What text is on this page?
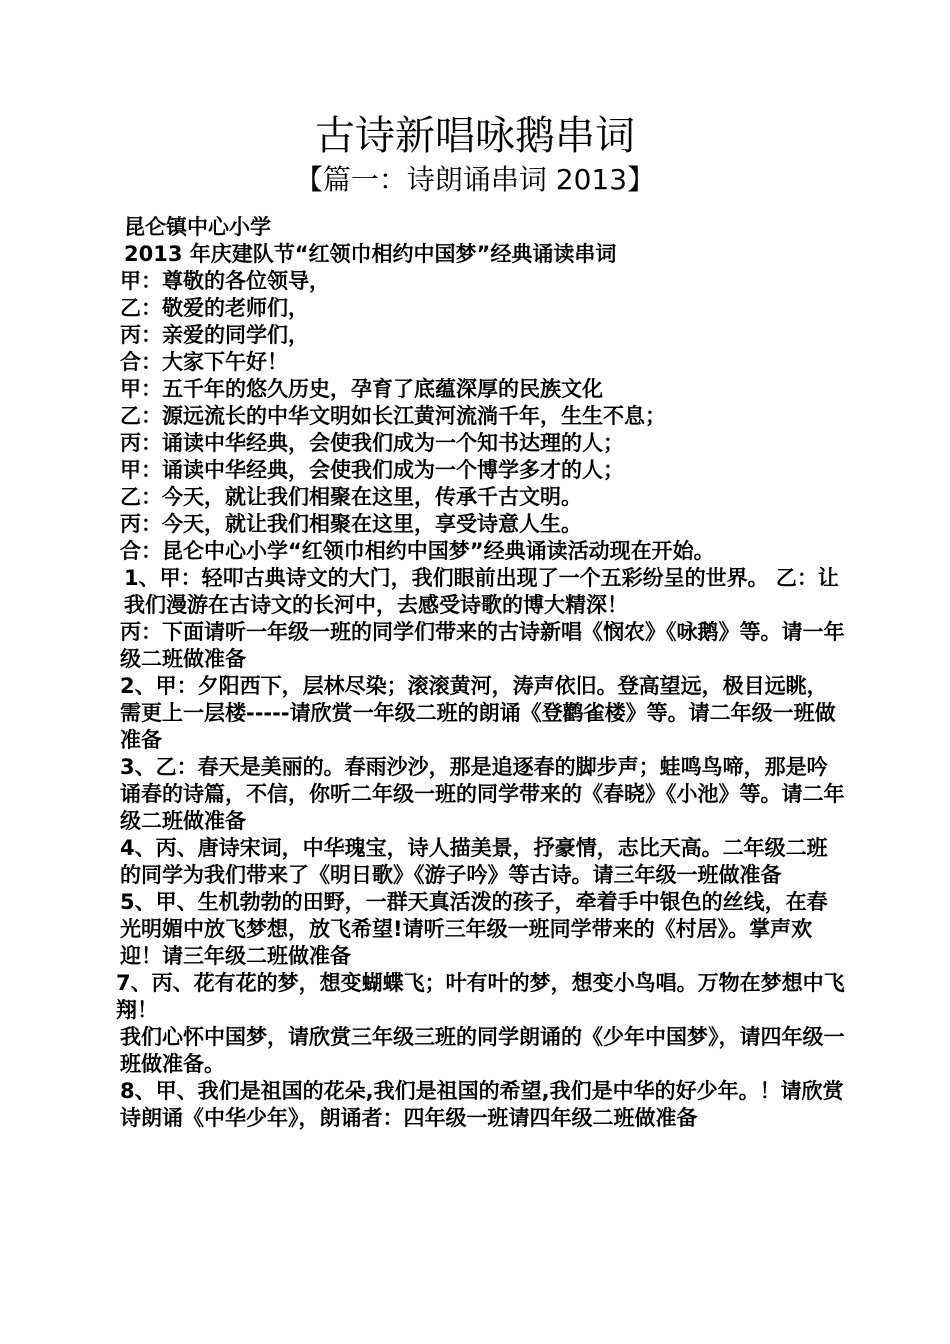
古诗新唱咏鹅串词
【篇一：诗朗诵串词 2013】
昆仑镇中心小学
2013 年庆建队节“红领巾相约中国梦”经典诵读串词
甲：尊敬的各位领导，
乙：敬爱的老师们，
丙：亲爱的同学们，
合：大家下午好！
甲：五千年的悠久历史，孕育了底蕴深厚的民族文化
乙：源远流长的中华文明如长江黄河流淌千年，生生不息；
丙：诵读中华经典，会使我们成为一个知书达理的人；
甲：诵读中华经典，会使我们成为一个博学多才的人；
乙：今天，就让我们相聚在这里，传承千古文明。
丙：今天，就让我们相聚在这里，享受诗意人生。
合：昆仑中心小学“红领巾相约中国梦”经典诵读活动现在开始。
1、甲：轻叩古典诗文的大门，我们眼前出现了一个五彩纷呈的世界。 乙：让我们漫游在古诗文的长河中，去感受诗歌的博大精深！
丙：下面请听一年级一班的同学们带来的古诗新唱《悯农》《咏鹅》等。请一年级二班做准备
2、甲：夕阳西下，层林尽染；滚滚黄河，涛声依旧。登高望远，极目远眺，需更上一层楼-----请欣赏一年级二班的朗诵《登鹳雀楼》等。请二年级一班做准备
3、乙：春天是美丽的。春雨沙沙，那是追逐春的脚步声；蛙鸣鸟啼，那是吟诵春的诗篇，不信，你听二年级一班的同学带来的《春晓》《小池》等。请二年级二班做准备
4、丙、唐诗宋词，中华瑰宝，诗人描美景，抒豪情，志比天高。二年级二班的同学为我们带来了《明日歌》《游子吟》等古诗。请三年级一班做准备
5、甲、生机勃勃的田野，一群天真活泼的孩子，牵着手中银色的丝线，在春光明媚中放飞梦想，放飞希望!请听三年级一班同学带来的《村居》。掌声欢迎！请三年级二班做准备
7、丙、花有花的梦，想变蝴蝶飞；叶有叶的梦，想变小鸟唱。万物在梦想中飞翔！
我们心怀中国梦，请欣赏三年级三班的同学朗诵的《少年中国梦》，请四年级一班做准备。
8、甲、我们是祖国的花朵,我们是祖国的希望,我们是中华的好少年。！请欣赏诗朗诵《中华少年》，朗诵者：四年级一班请四年级二班做准备
